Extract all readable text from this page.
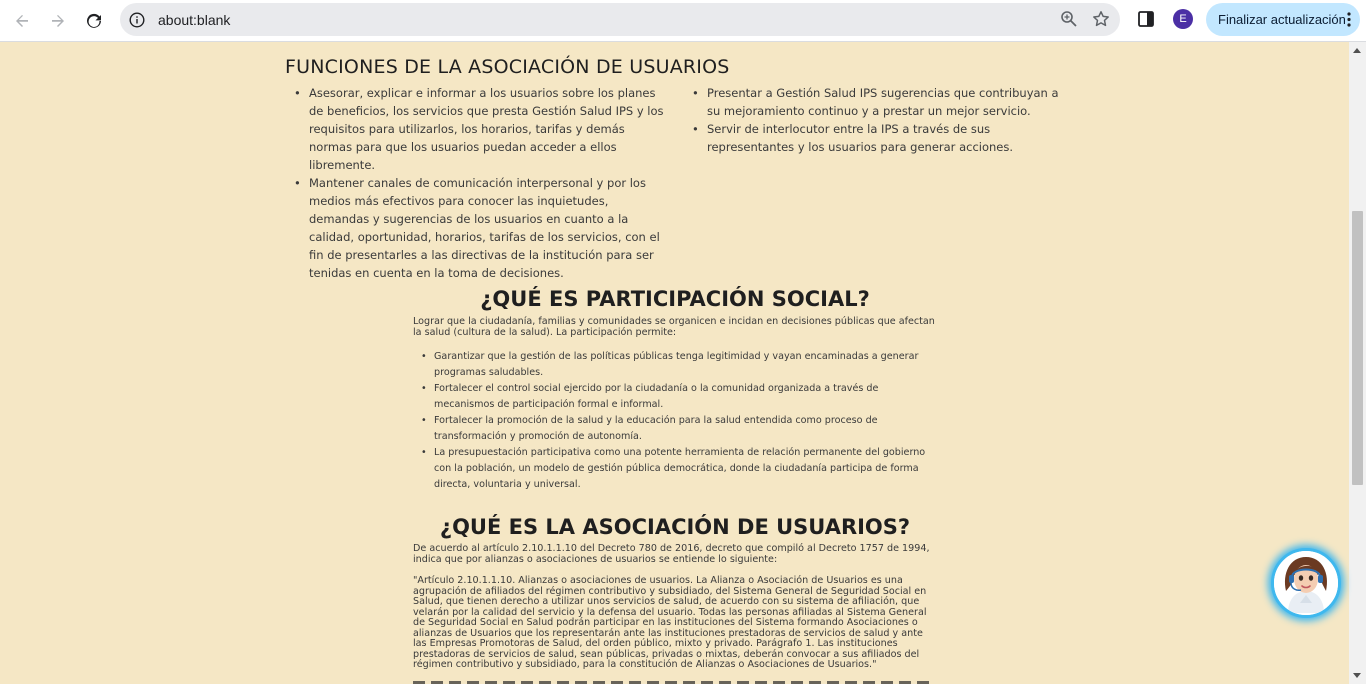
about:blank	E	Finalizar actualización
FUNCIONES DE LA ASOCIACIÓN DE USUARIOS
• Asesorar, explicar e informar a los usuarios sobre los planes de beneficios, los servicios que presta Gestión Salud IPS y los requisitos para utilizarlos, los horarios, tarifas y demás normas para que los usuarios puedan acceder a ellos libremente.
• Mantener canales de comunicación interpersonal y por los medios más efectivos para conocer las inquietudes, demandas y sugerencias de los usuarios en cuanto a la calidad, oportunidad, horarios, tarifas de los servicios, con el fin de presentarles a las directivas de la institución para ser tenidas en cuenta en la toma de decisiones.
• Presentar a Gestión Salud IPS sugerencias que contribuyan a su mejoramiento continuo y a prestar un mejor servicio.
• Servir de interlocutor entre la IPS a través de sus representantes y los usuarios para generar acciones.
¿QUÉ ES PARTICIPACIÓN SOCIAL?

Lograr que la ciudadanía, familias y comunidades se organicen e incidan en decisiones públicas que afectan la salud (cultura de la salud). La participación permite:

• Garantizar que la gestión de las políticas públicas tenga legitimidad y vayan encaminadas a generar programas saludables.
• Fortalecer el control social ejercido por la ciudadanía o la comunidad organizada a través de mecanismos de participación formal e informal.
• Fortalecer la promoción de la salud y la educación para la salud entendida como proceso de transformación y promoción de autonomía.
• La presupuestación participativa como una potente herramienta de relación permanente del gobierno con la población, un modelo de gestión pública democrática, donde la ciudadanía participa de forma directa, voluntaria y universal.
¿QUÉ ES LA ASOCIACIÓN DE USUARIOS?

De acuerdo al artículo 2.10.1.1.10 del Decreto 780 de 2016, decreto que compiló al Decreto 1757 de 1994, indica que por alianzas o asociaciones de usuarios se entiende lo siguiente:

"Artículo 2.10.1.1.10. Alianzas o asociaciones de usuarios. La Alianza o Asociación de Usuarios es una agrupación de afiliados del régimen contributivo y subsidiado, del Sistema General de Seguridad Social en Salud, que tienen derecho a utilizar unos servicios de salud, de acuerdo con su sistema de afiliación, que velarán por la calidad del servicio y la defensa del usuario. Todas las personas afiliadas al Sistema General de Seguridad Social en Salud podrán participar en las instituciones del Sistema formando Asociaciones o alianzas de Usuarios que los representarán ante las instituciones prestadoras de servicios de salud y ante las Empresas Promotoras de Salud, del orden público, mixto y privado. Parágrafo 1. Las instituciones prestadoras de servicios de salud, sean públicas, privadas o mixtas, deberán convocar a sus afiliados del régimen contributivo y subsidiado, para la constitución de Alianzas o Asociaciones de Usuarios."
